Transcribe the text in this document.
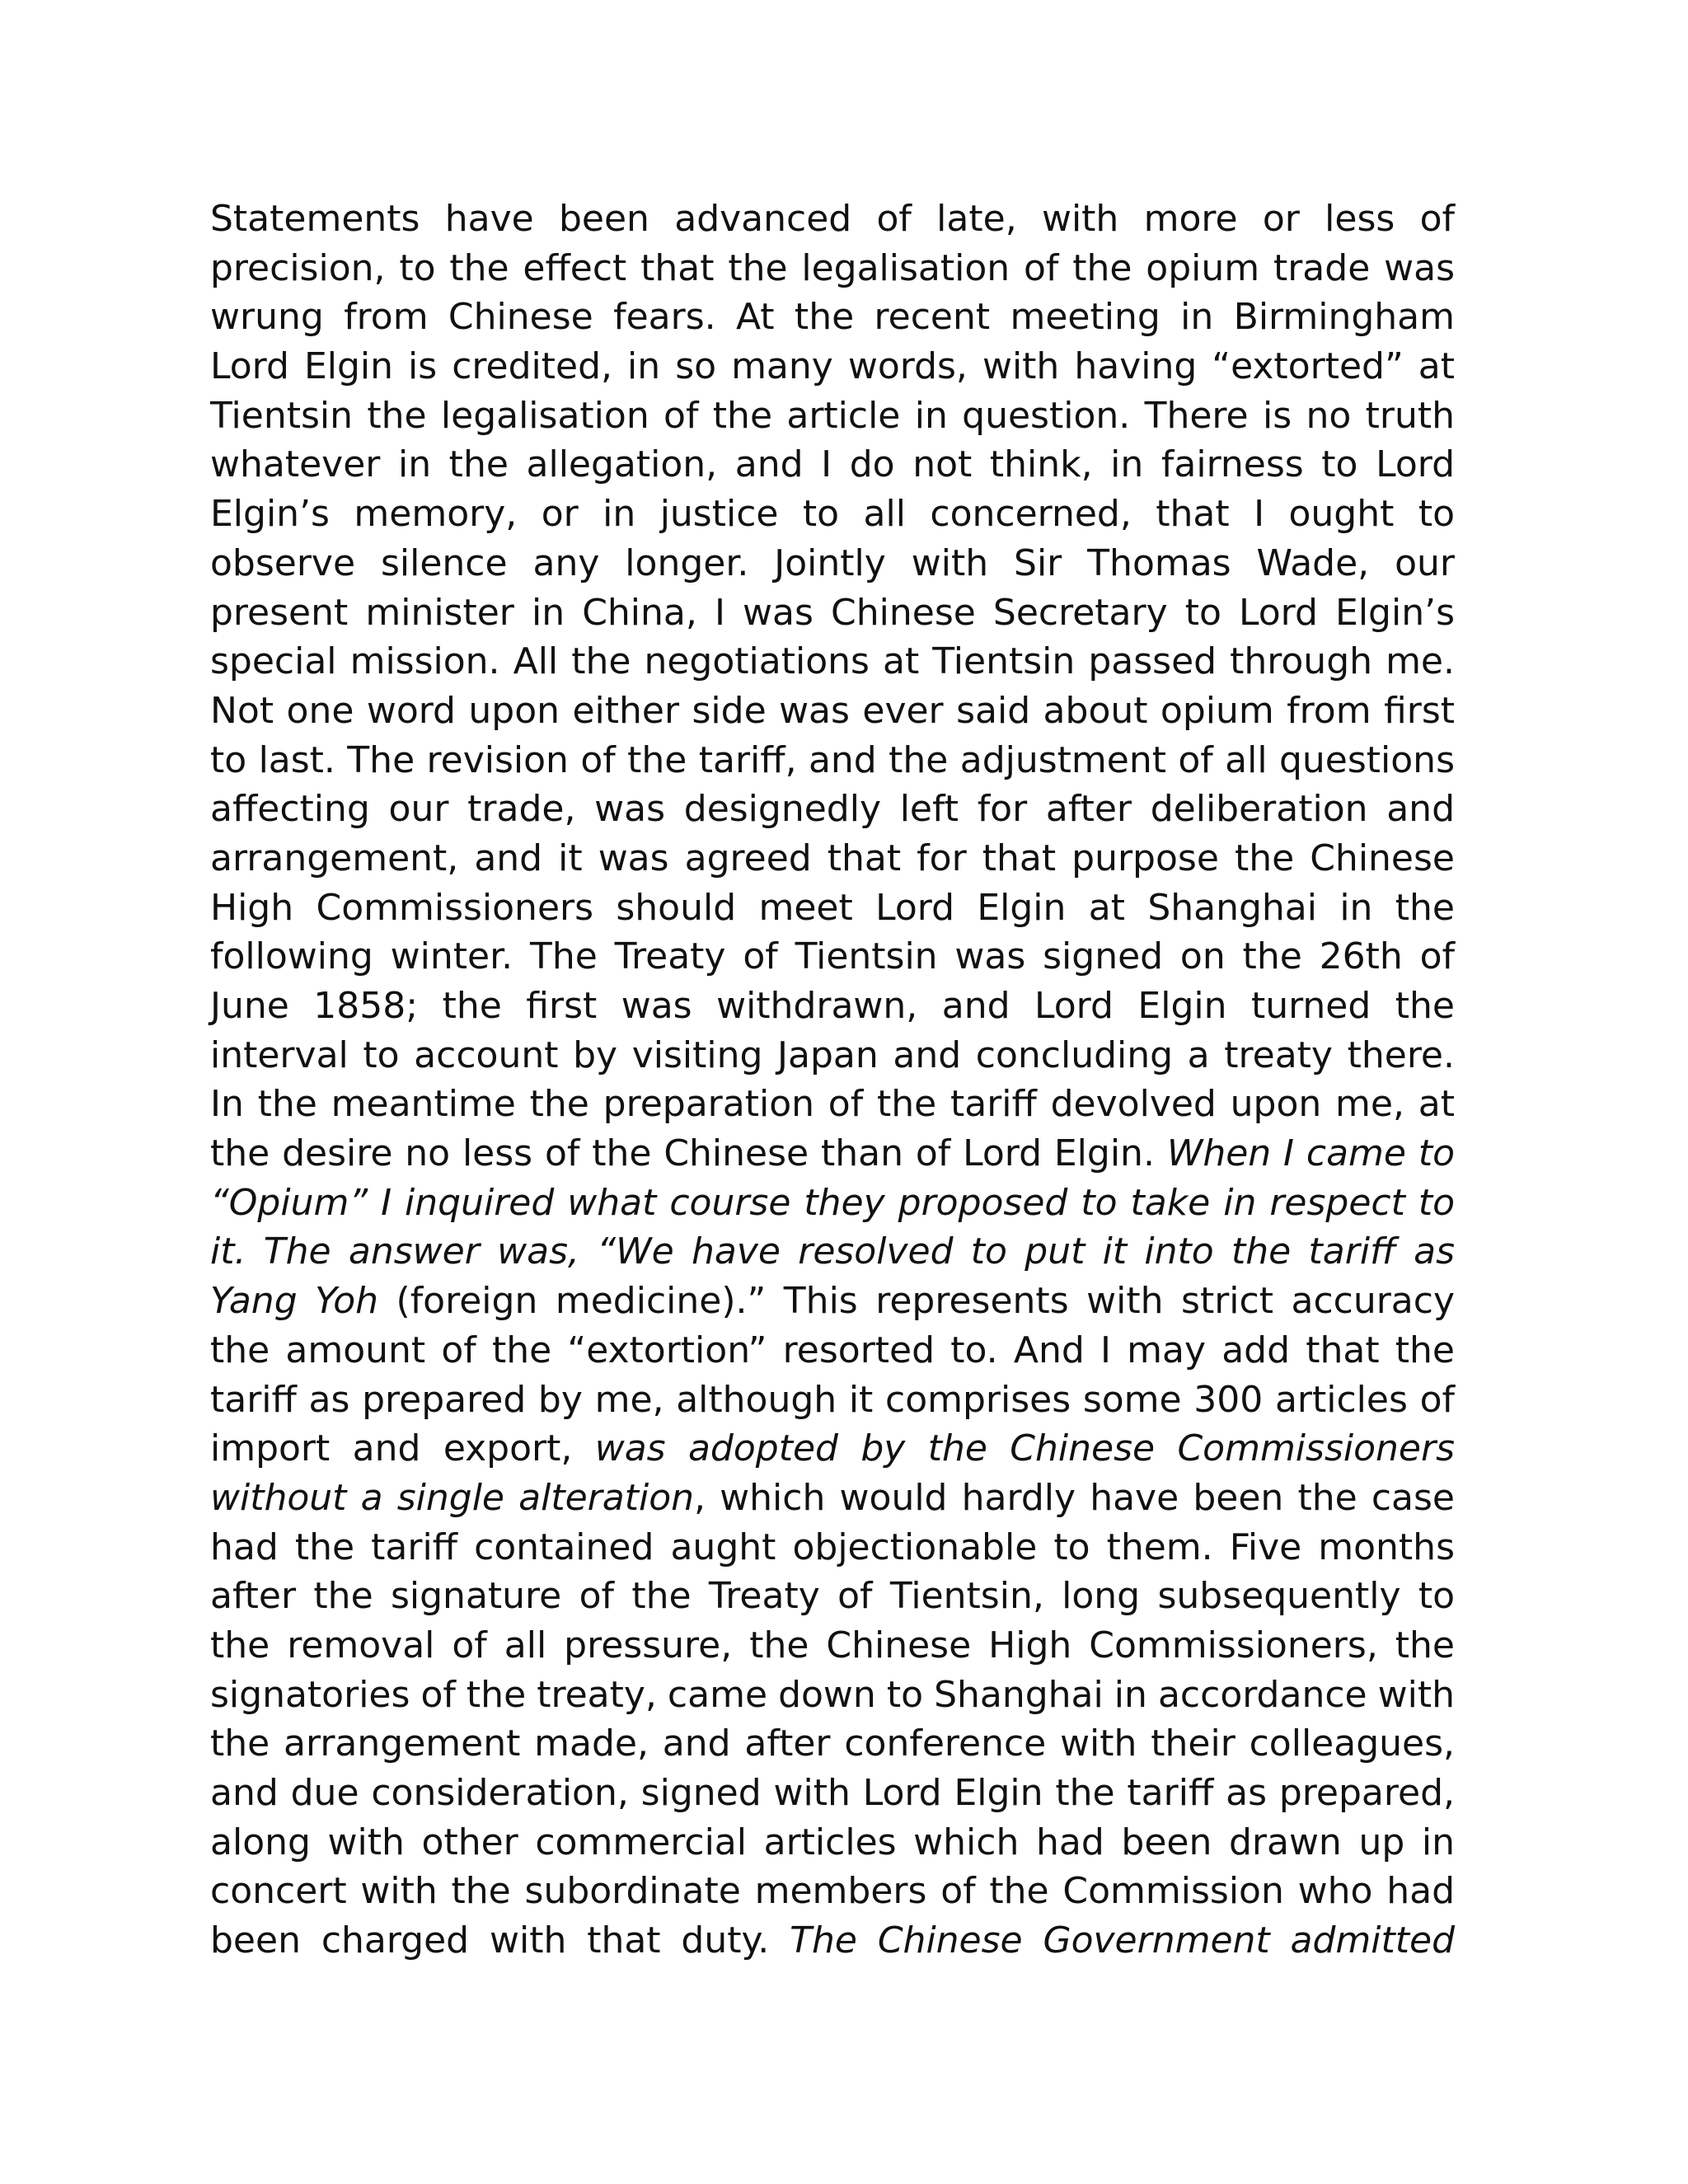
Statements have been advanced of late, with more or less of
precision, to the effect that the legalisation of the opium trade was
wrung from Chinese fears. At the recent meeting in Birmingham
Lord Elgin is credited, in so many words, with having “extorted” at
Tientsin the legalisation of the article in question. There is no truth
whatever in the allegation, and I do not think, in fairness to Lord
Elgin’s memory, or in justice to all concerned, that I ought to
observe silence any longer. Jointly with Sir Thomas Wade, our
present minister in China, I was Chinese Secretary to Lord Elgin’s
special mission. All the negotiations at Tientsin passed through me.
Not one word upon either side was ever said about opium from first
to last. The revision of the tariff, and the adjustment of all questions
affecting our trade, was designedly left for after deliberation and
arrangement, and it was agreed that for that purpose the Chinese
High Commissioners should meet Lord Elgin at Shanghai in the
following winter. The Treaty of Tientsin was signed on the 26th of
June 1858; the first was withdrawn, and Lord Elgin turned the
interval to account by visiting Japan and concluding a treaty there.
In the meantime the preparation of the tariff devolved upon me, at
the desire no less of the Chinese than of Lord Elgin. When I came to
“Opium” I inquired what course they proposed to take in respect to
it. The answer was, “We have resolved to put it into the tariff as
Yang Yoh (foreign medicine).” This represents with strict accuracy
the amount of the “extortion” resorted to. And I may add that the
tariff as prepared by me, although it comprises some 300 articles of
import and export, was adopted by the Chinese Commissioners
without a single alteration, which would hardly have been the case
had the tariff contained aught objectionable to them. Five months
after the signature of the Treaty of Tientsin, long subsequently to
the removal of all pressure, the Chinese High Commissioners, the
signatories of the treaty, came down to Shanghai in accordance with
the arrangement made, and after conference with their colleagues,
and due consideration, signed with Lord Elgin the tariff as prepared,
along with other commercial articles which had been drawn up in
concert with the subordinate members of the Commission who had
been charged with that duty. The Chinese Government admitted
